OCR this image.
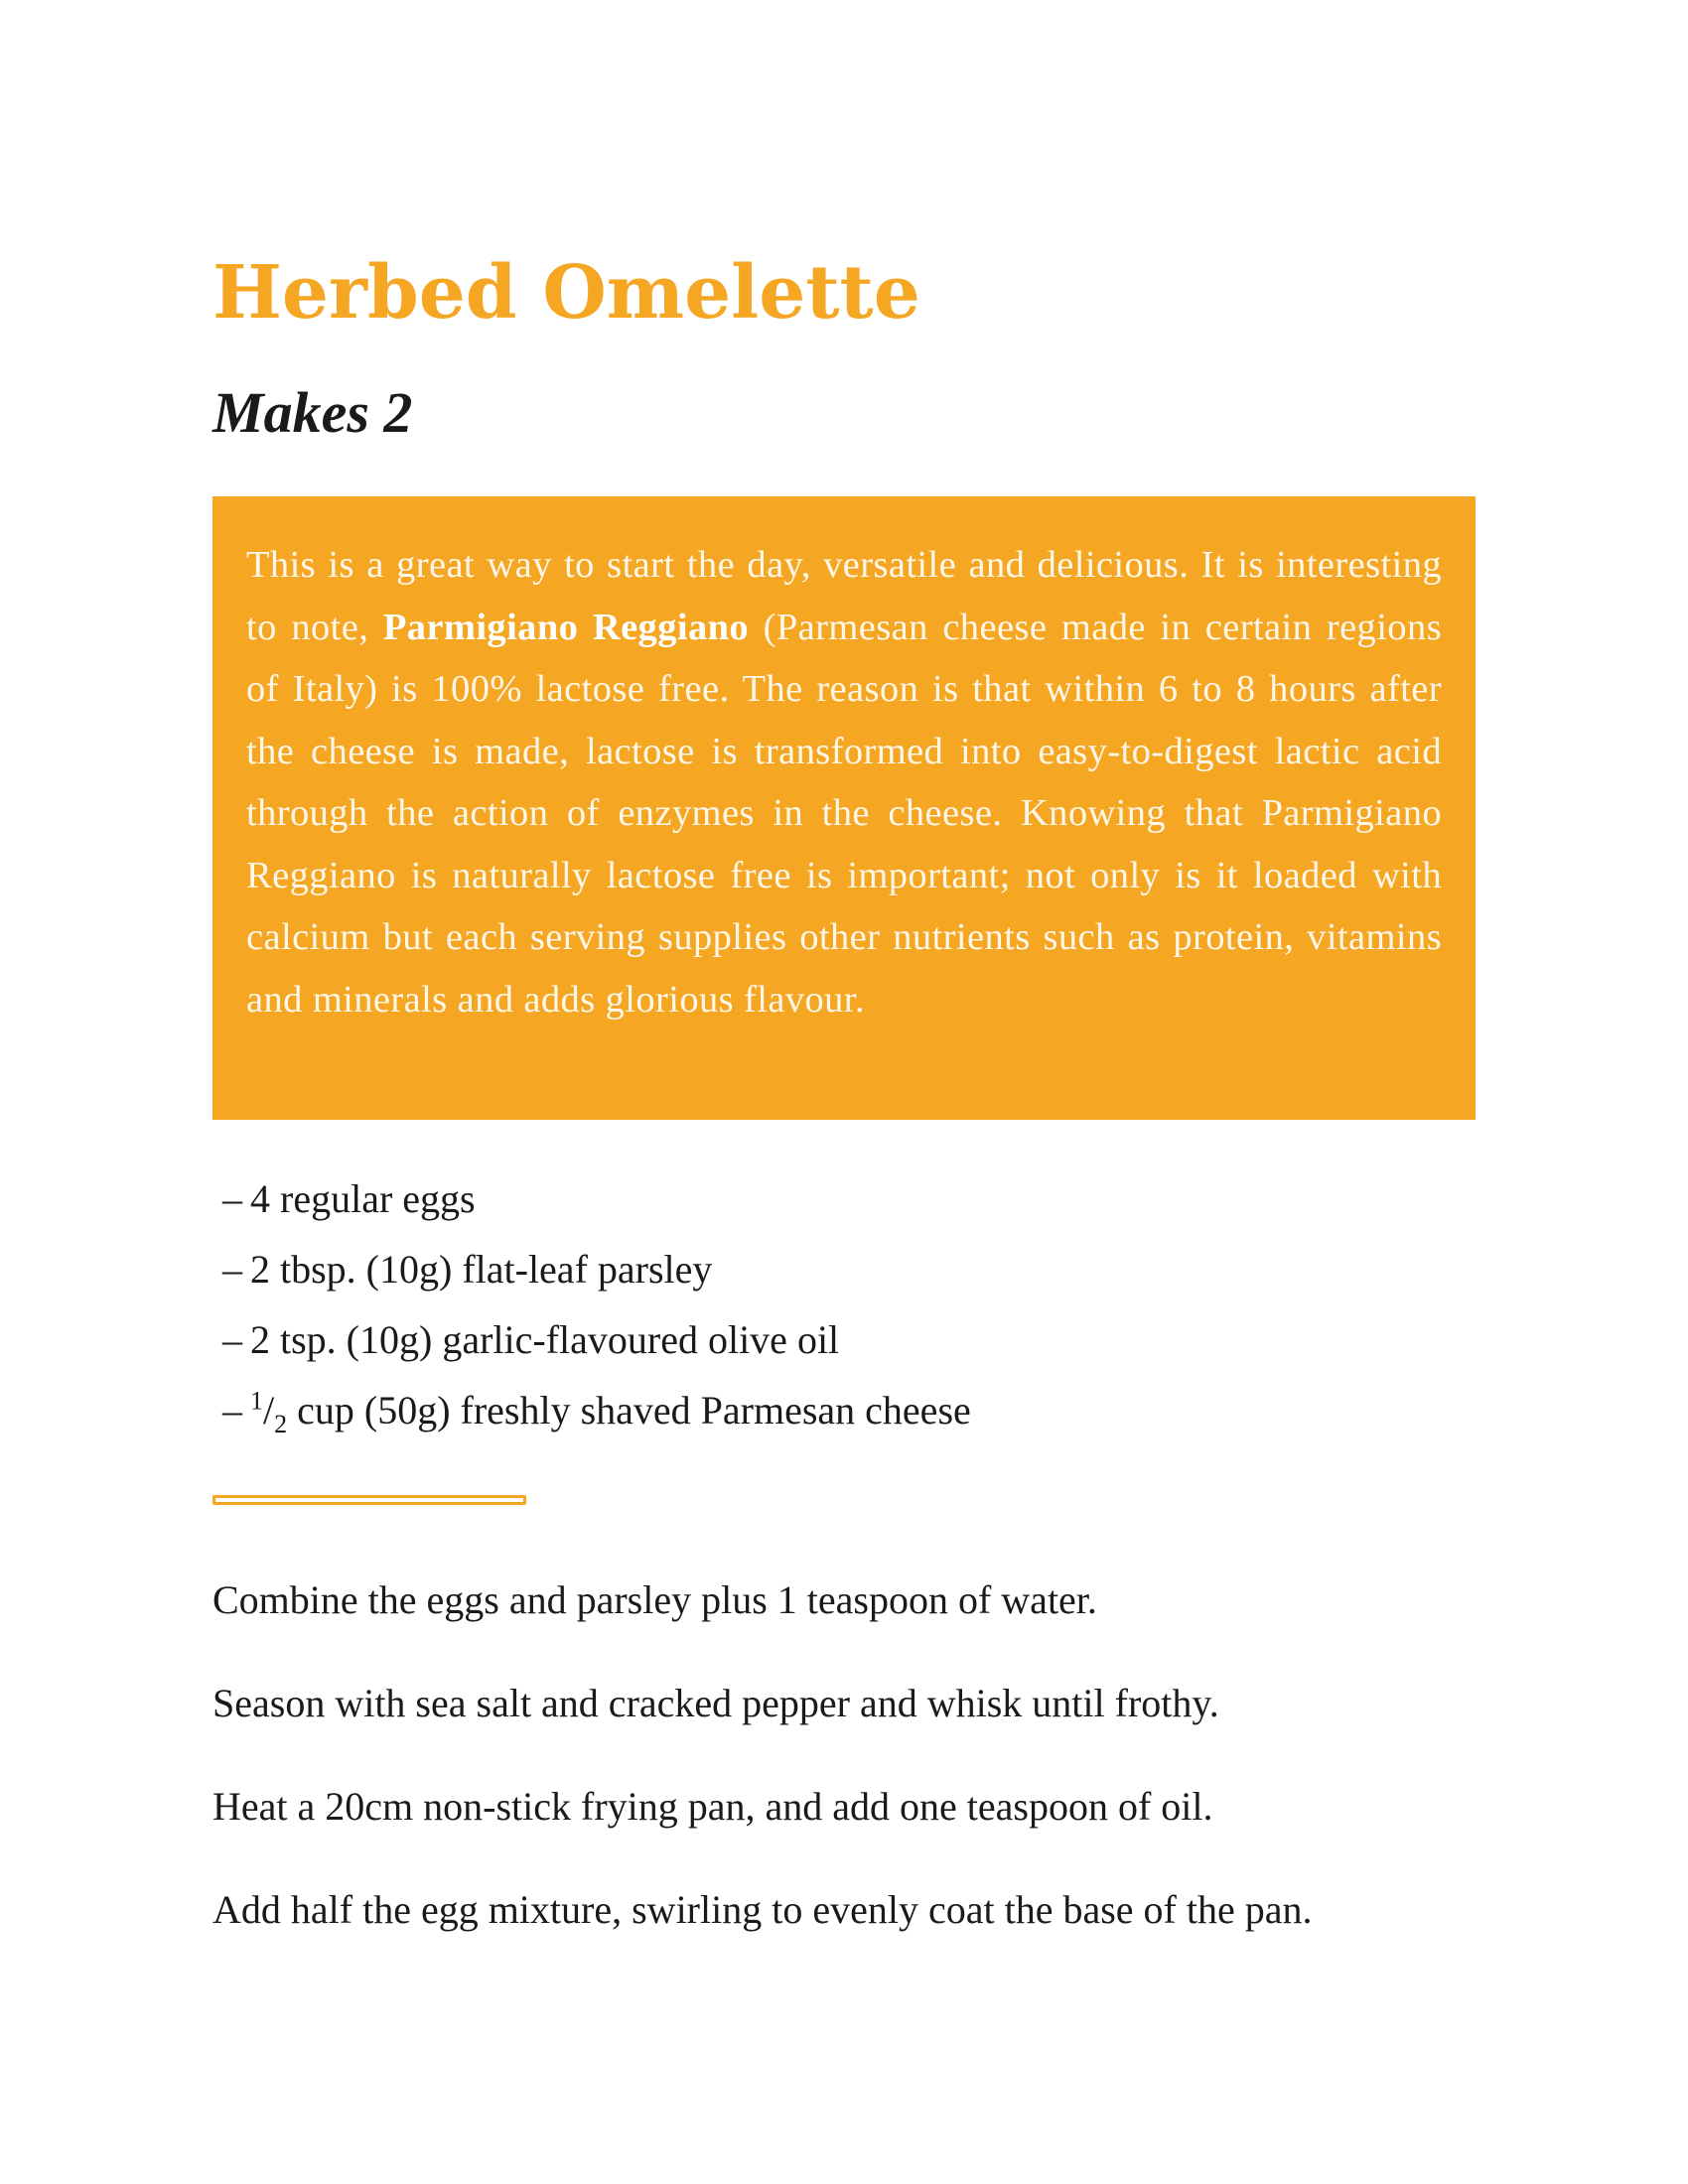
Herbed Omelette
Makes 2

This is a great way to start the day, versatile and delicious. It is interesting to note, Parmigiano Reggiano (Parmesan cheese made in certain regions of Italy) is 100% lactose free. The reason is that within 6 to 8 hours after the cheese is made, lactose is transformed into easy-to-digest lactic acid through the action of enzymes in the cheese. Knowing that Parmigiano Reggiano is naturally lactose free is important; not only is it loaded with calcium but each serving supplies other nutrients such as protein, vitamins and minerals and adds glorious flavour.

– 4 regular eggs
– 2 tbsp. (10g) flat-leaf parsley
– 2 tsp. (10g) garlic-flavoured olive oil
– $^1/_2$ cup (50g) freshly shaved Parmesan cheese
Combine the eggs and parsley plus 1 teaspoon of water.
Season with sea salt and cracked pepper and whisk until frothy.
Heat a 20cm non-stick frying pan, and add one teaspoon of oil.
Add half the egg mixture, swirling to evenly coat the base of the pan.
